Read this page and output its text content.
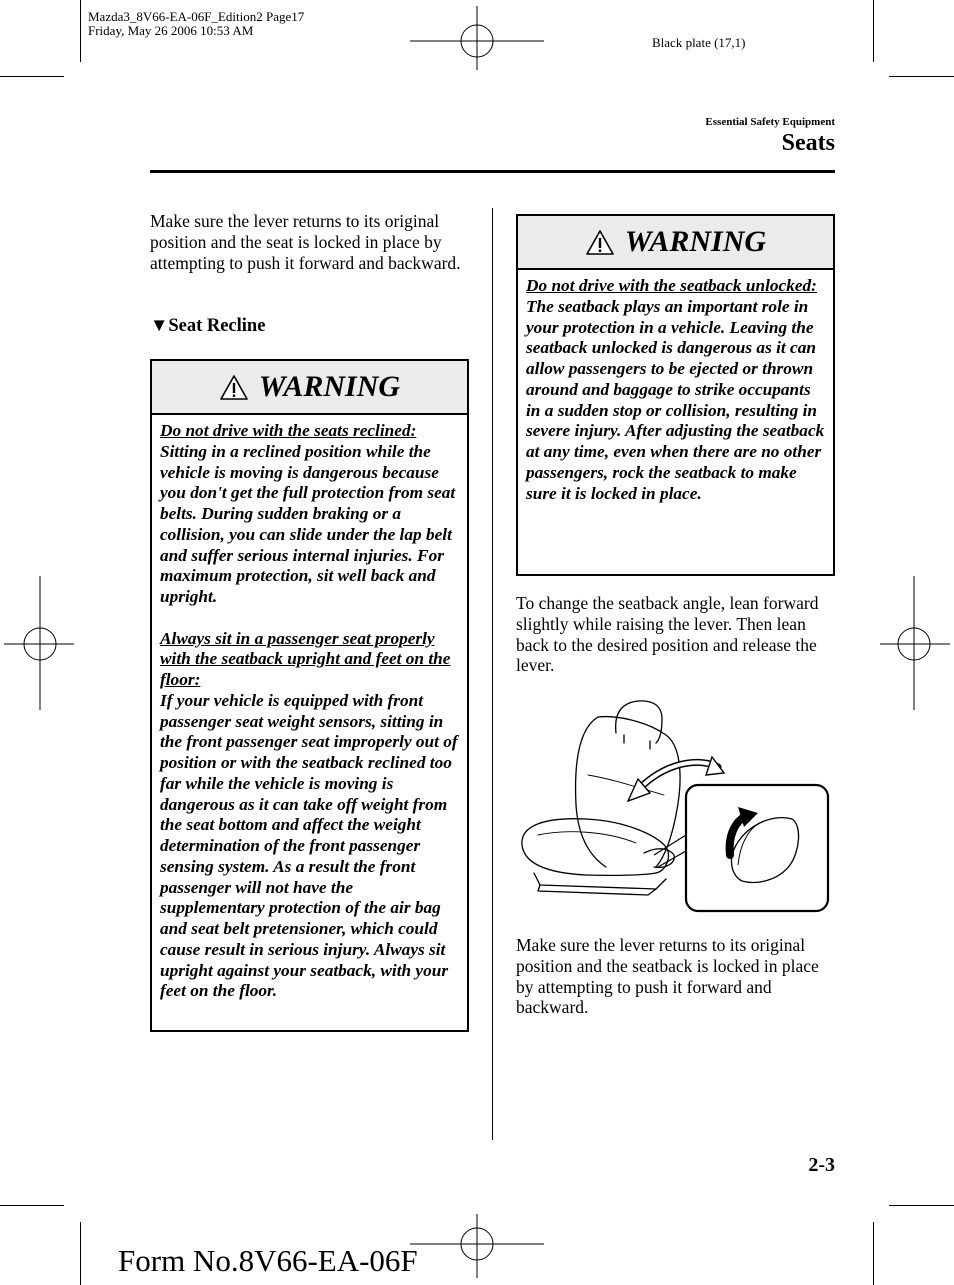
Mazda3_8V66-EA-06F_Edition2 Page17
Friday, May 26 2006 10:53 AM
Black plate (17,1)
Essential Safety Equipment
Seats
Make sure the lever returns to its original position and the seat is locked in place by attempting to push it forward and backward.
▼Seat Recline
WARNING
Do not drive with the seats reclined:
Sitting in a reclined position while the vehicle is moving is dangerous because you don't get the full protection from seat belts. During sudden braking or a collision, you can slide under the lap belt and suffer serious internal injuries. For maximum protection, sit well back and upright.
Always sit in a passenger seat properly with the seatback upright and feet on the floor:
If your vehicle is equipped with front passenger seat weight sensors, sitting in the front passenger seat improperly out of position or with the seatback reclined too far while the vehicle is moving is dangerous as it can take off weight from the seat bottom and affect the weight determination of the front passenger sensing system. As a result the front passenger will not have the supplementary protection of the air bag and seat belt pretensioner, which could cause result in serious injury. Always sit upright against your seatback, with your feet on the floor.
WARNING
Do not drive with the seatback unlocked:
The seatback plays an important role in your protection in a vehicle. Leaving the seatback unlocked is dangerous as it can allow passengers to be ejected or thrown around and baggage to strike occupants in a sudden stop or collision, resulting in severe injury. After adjusting the seatback at any time, even when there are no other passengers, rock the seatback to make sure it is locked in place.
To change the seatback angle, lean forward slightly while raising the lever. Then lean back to the desired position and release the lever.
Make sure the lever returns to its original position and the seatback is locked in place by attempting to push it forward and backward.
2-3
Form No.8V66-EA-06F
